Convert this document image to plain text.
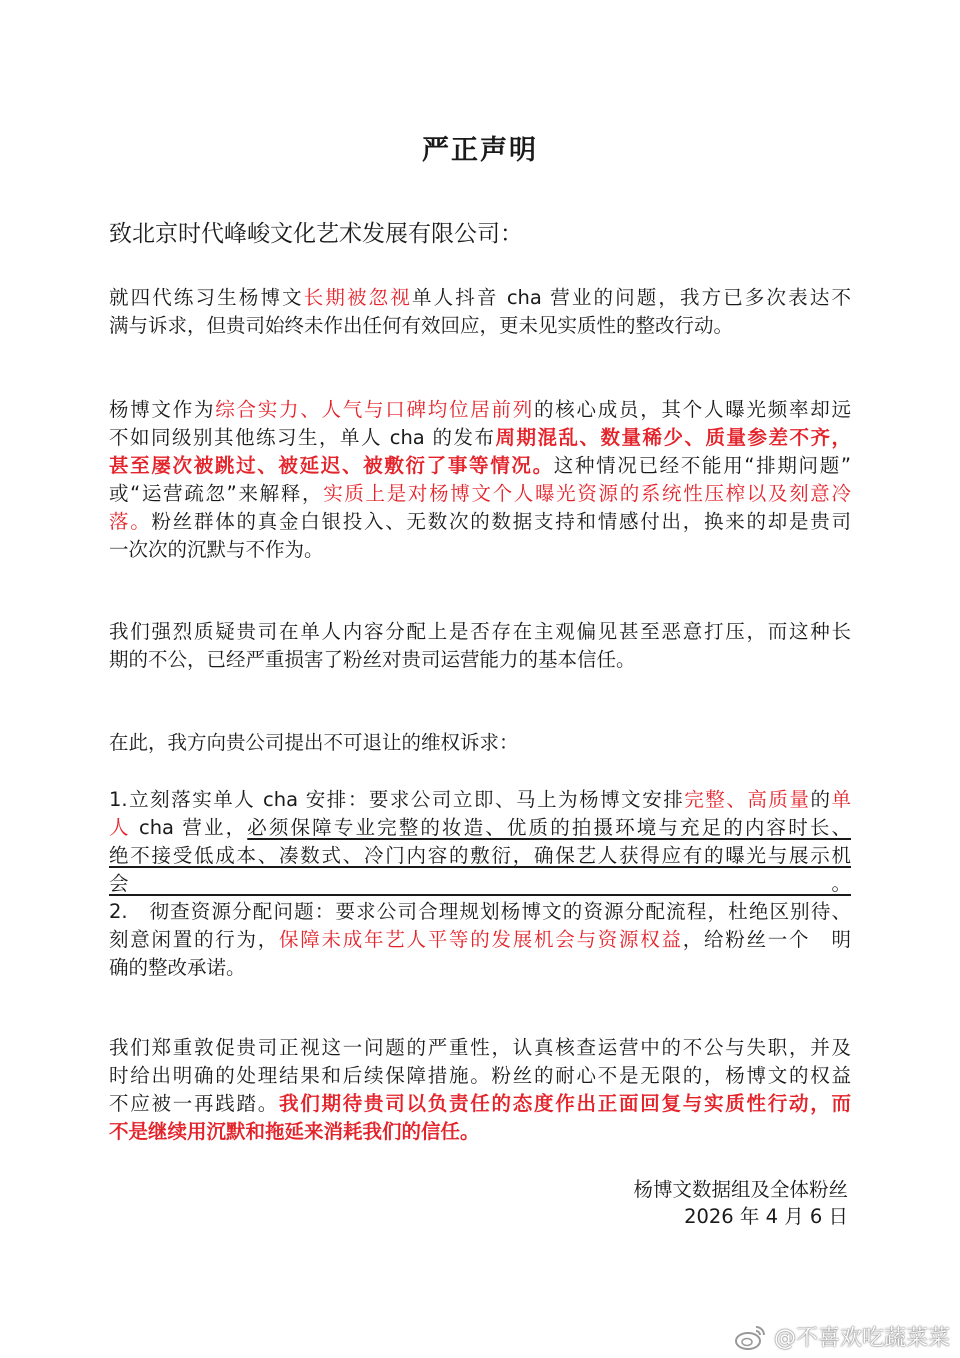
严正声明
致北京时代峰峻文化艺术发展有限公司：
就四代练习生杨博文长期被忽视单人抖音 cha 营业的问题，我方已多次表达不
满与诉求，但贵司始终未作出任何有效回应，更未见实质性的整改行动。
杨博文作为综合实力、人气与口碑均位居前列的核心成员，其个人曝光频率却远
不如同级别其他练习生，单人 cha 的发布周期混乱、数量稀少、质量参差不齐，
甚至屡次被跳过、被延迟、被敷衍了事等情况。这种情况已经不能用“排期问题”
或“运营疏忽”来解释，实质上是对杨博文个人曝光资源的系统性压榨以及刻意冷
落。粉丝群体的真金白银投入、无数次的数据支持和情感付出，换来的却是贵司
一次次的沉默与不作为。
我们强烈质疑贵司在单人内容分配上是否存在主观偏见甚至恶意打压，而这种长
期的不公，已经严重损害了粉丝对贵司运营能力的基本信任。
在此，我方向贵公司提出不可退让的维权诉求：
1.立刻落实单人 cha 安排：要求公司立即、马上为杨博文安排完整、高质量的单
人 cha 营业，必须保障专业完整的妆造、优质的拍摄环境与充足的内容时长、
绝不接受低成本、凑数式、冷门内容的敷衍，确保艺人获得应有的曝光与展示机
会。
2.　彻查资源分配问题：要求公司合理规划杨博文的资源分配流程，杜绝区别待、
刻意闲置的行为，保障未成年艺人平等的发展机会与资源权益，给粉丝一个　明
确的整改承诺。
我们郑重敦促贵司正视这一问题的严重性，认真核查运营中的不公与失职，并及
时给出明确的处理结果和后续保障措施。粉丝的耐心不是无限的，杨博文的权益
不应被一再践踏。我们期待贵司以负责任的态度作出正面回复与实质性行动，而
不是继续用沉默和拖延来消耗我们的信任。
杨博文数据组及全体粉丝
2026 年 4 月 6 日
@不喜欢吃蔬菜菜
